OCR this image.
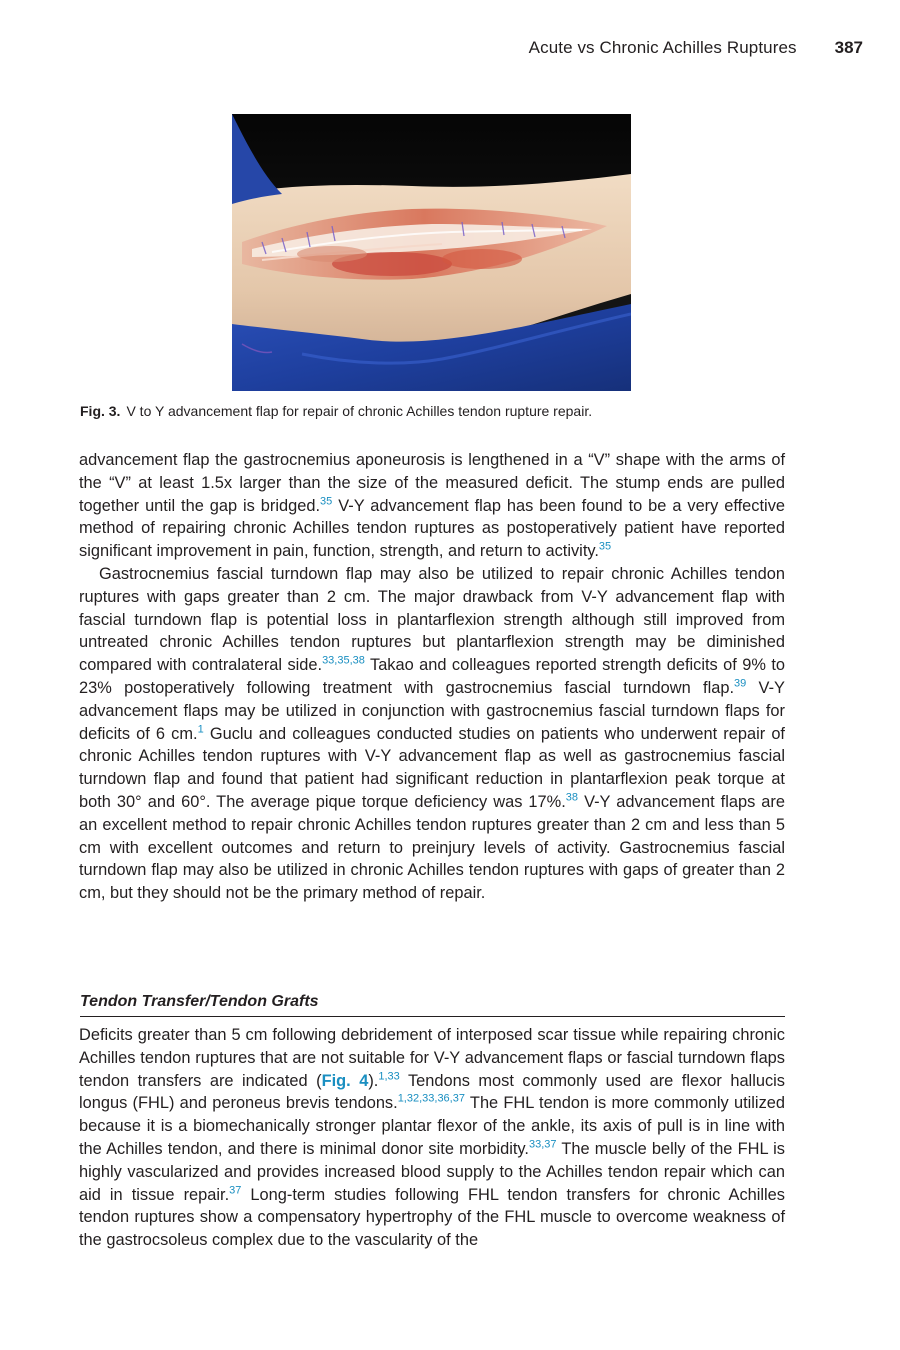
Acute vs Chronic Achilles Ruptures 387
Fig. 3. V to Y advancement flap for repair of chronic Achilles tendon rupture repair.

advancement flap the gastrocnemius aponeurosis is lengthened in a “V” shape with the arms of the “V” at least 1.5x larger than the size of the measured deficit. The stump ends are pulled together until the gap is bridged.$^{35}$ V-Y advancement flap has been found to be a very effective method of repairing chronic Achilles tendon ruptures as postoperatively patient have reported significant improvement in pain, function, strength, and return to activity.$^{35}$

Gastrocnemius fascial turndown flap may also be utilized to repair chronic Achilles tendon ruptures with gaps greater than 2 cm. The major drawback from V-Y advancement flap with fascial turndown flap is potential loss in plantarflexion strength although still improved from untreated chronic Achilles tendon ruptures but plantarflexion strength may be diminished compared with contralateral side.$^{33,35,38}$ Takao and colleagues reported strength deficits of 9% to 23% postoperatively following treatment with gastrocnemius fascial turndown flap.$^{39}$ V-Y advancement flaps may be utilized in conjunction with gastrocnemius fascial turndown flaps for deficits of 6 cm.$^1$ Guclu and colleagues conducted studies on patients who underwent repair of chronic Achilles tendon ruptures with V-Y advancement flap as well as gastrocnemius fascial turndown flap and found that patient had significant reduction in plantarflexion peak torque at both 30° and 60°. The average pique torque deficiency was 17%.$^{38}$ V-Y advancement flaps are an excellent method to repair chronic Achilles tendon ruptures greater than 2 cm and less than 5 cm with excellent outcomes and return to preinjury levels of activity. Gastrocnemius fascial turndown flap may also be utilized in chronic Achilles tendon ruptures with gaps of greater than 2 cm, but they should not be the primary method of repair.

Tendon Transfer/Tendon Grafts

Deficits greater than 5 cm following debridement of interposed scar tissue while repairing chronic Achilles tendon ruptures that are not suitable for V-Y advancement flaps or fascial turndown flaps tendon transfers are indicated (Fig. 4).$^{1,33}$ Tendons most commonly used are flexor hallucis longus (FHL) and peroneus brevis tendons.$^{1,32,33,36,37}$ The FHL tendon is more commonly utilized because it is a biomechanically stronger plantar flexor of the ankle, its axis of pull is in line with the Achilles tendon, and there is minimal donor site morbidity.$^{33,37}$ The muscle belly of the FHL is highly vascularized and provides increased blood supply to the Achilles tendon repair which can aid in tissue repair.$^{37}$ Long-term studies following FHL tendon transfers for chronic Achilles tendon ruptures show a compensatory hypertrophy of the FHL muscle to overcome weakness of the gastrocsoleus complex due to the vascularity of the
